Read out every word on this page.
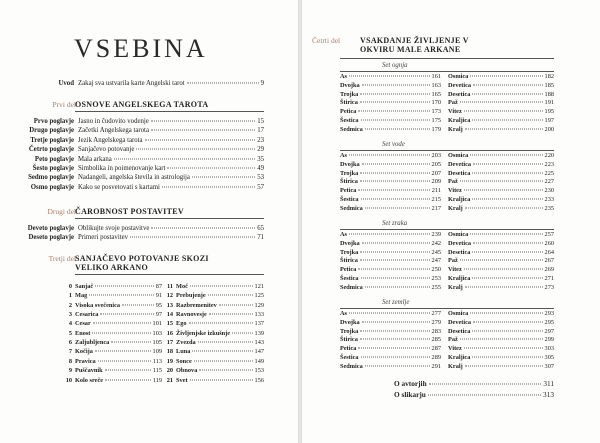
VSEBINA
Uvod Zakaj sva ustvarila karte Angelski tarot	9
Prvi del OSNOVE ANGELSKEGA TAROTA
Prvo poglavje Jasno in čudovito vodenje	15
Drugo poglavje Začetki Angelskega tarota	17
Tretje poglavje Jezik Angelskega tarota	23
Četrto poglavje Sanjačevo potovanje	29
Peto poglavje Mala arkana	35
Šesto poglavje Simbolika in poimenovanje kart	49
Sedmo poglavje Nadangeli, angelska števila in astrologija	53
Osmo poglavje Kako se posvetovati s kartami	57
Drugi del ČAROBNOST POSTAVITEV
Deveto poglavje Oblikujte svoje postavitve	65
Deseto poglavje Primeri postavitev	71
Tretji del SANJAČEVO POTOVANJE SKOZI
VELIKO ARKANO
0 Sanjač	87
1 Mag	91
2 Visoka svečenica	95
3 Cesarica	97
4 Cesar	101
5 Enost	103
6 Zaljubljenca	105
7 Kočija	109
8 Pravica	113
9 Puščavnik	115
10 Kolo sreče	119
11 Moč	121
12 Prebujenje	125
13 Razbremenitev	129
14 Ravnovesje	133
15 Ego	137
16 Življenjske izkušnje	139
17 Zvezda	143
18 Luna	147
19 Sonce	149
20 Obnova	153
21 Svet	156
Četrti del	VSAKDANJE ŽIVLJENJE V
OKVIRU MALE ARKANE
Set ognja
As	161
Dvojka	163
Trojka	165
Štirica	170
Petica	173
Šestica	175
Sedmica	179
Osmica	182
Devetica	185
Desetica	188
Paž	191
Vitez	195
Kraljica	197
Kralj	200
Set vode
As	203
Dvojka	205
Trojka	207
Štirica	209
Petica	211
Šestica	215
Sedmica	217
Osmica	220
Devetica	223
Desetica	225
Paž	227
Vitez	230
Kraljica	233
Kralj	235
Set zraka
As	239
Dvojka	242
Trojka	245
Štirica	247
Petica	250
Šestica	253
Sedmica	255
Osmica	257
Devetica	260
Desetica	264
Paž	267
Vitez	269
Kraljica	271
Kralj	273
Set zemlje
As	277
Dvojka	279
Trojka	283
Štirica	285
Petica	287
Šestica	289
Sedmica	291
Osmica	293
Devetica	295
Desetica	297
Paž	299
Vitez	303
Kraljica	305
Kralj	307
O avtorjih	311
O slikarju	313
